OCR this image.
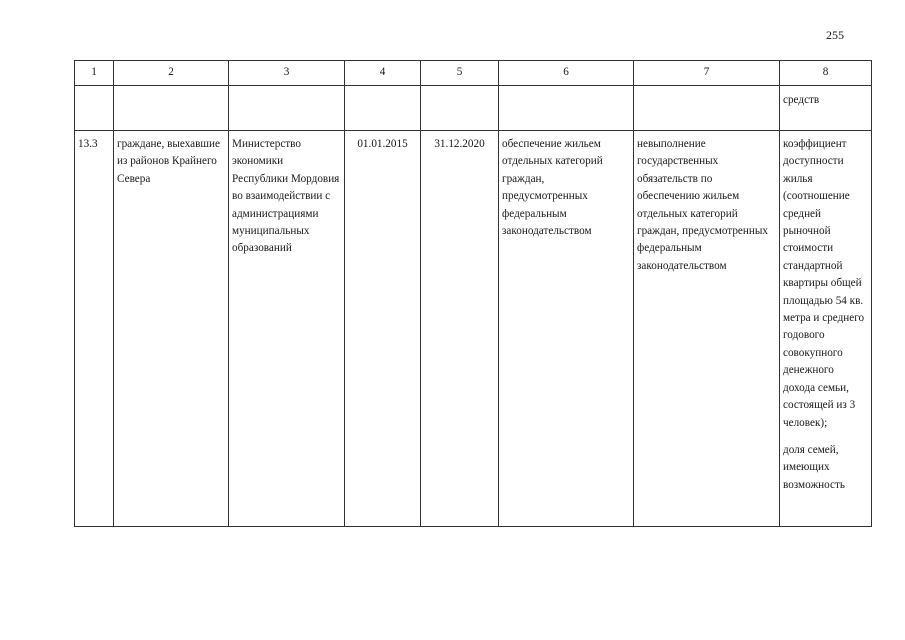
255
1	2	3	4	5	6	7	8
							средств
13.3	граждане, выехавшие из районов Крайнего Севера	Министерство экономики Республики Мордовия во взаимодействии с администрациями муниципальных образований	01.01.2015	31.12.2020	обеспечение жильем отдельных категорий граждан, предусмотренных федеральным законодательством	невыполнение государственных обязательств по обеспечению жильем отдельных категорий граждан, предусмотренных федеральным законодательством	коэффициент доступности жилья (соотношение средней рыночной стоимости стандартной квартиры общей площадью 54 кв. метра и среднего годового совокупного денежного дохода семьи, состоящей из 3 человек);
доля семей, имеющих возможность
